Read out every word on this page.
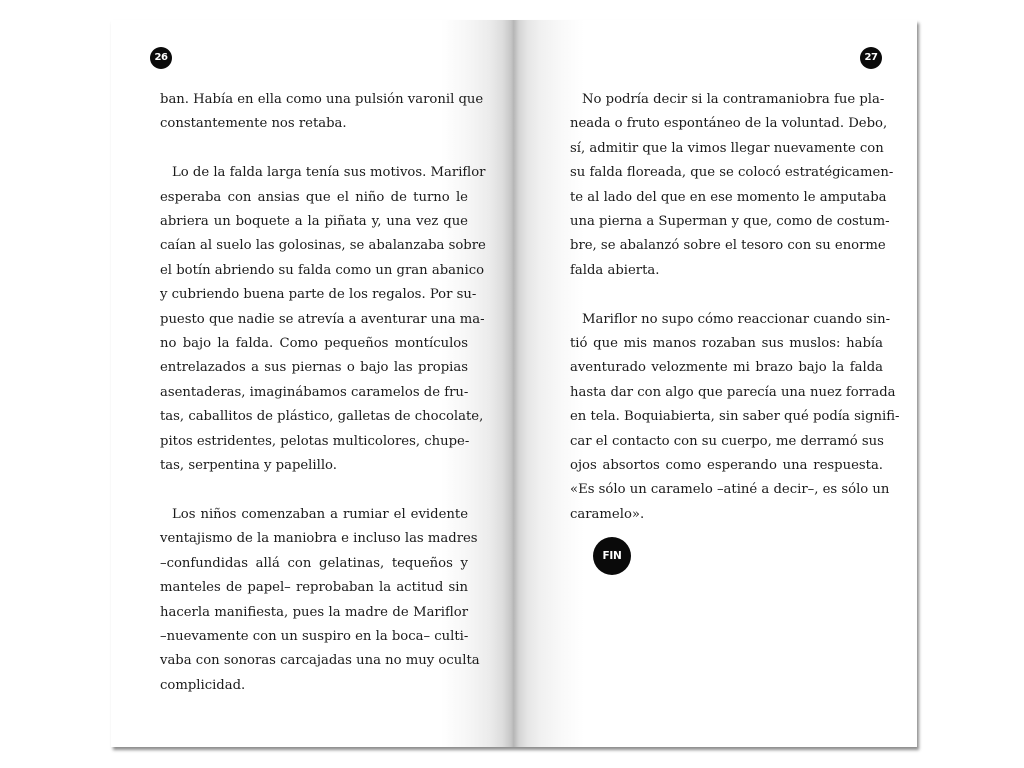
26

ban. Había en ella como una pulsión varonil que
constantemente nos retaba.

Lo de la falda larga tenía sus motivos. Mariflor
esperaba con ansias que el niño de turno le
abriera un boquete a la piñata y, una vez que
caían al suelo las golosinas, se abalanzaba sobre
el botín abriendo su falda como un gran abanico
y cubriendo buena parte de los regalos. Por su-
puesto que nadie se atrevía a aventurar una ma-
no bajo la falda. Como pequeños montículos
entrelazados a sus piernas o bajo las propias
asentaderas, imaginábamos caramelos de fru-
tas, caballitos de plástico, galletas de chocolate,
pitos estridentes, pelotas multicolores, chupe-
tas, serpentina y papelillo.

Los niños comenzaban a rumiar el evidente
ventajismo de la maniobra e incluso las madres
–confundidas allá con gelatinas, tequeños y
manteles de papel– reprobaban la actitud sin
hacerla manifiesta, pues la madre de Mariflor
–nuevamente con un suspiro en la boca– culti-
vaba con sonoras carcajadas una no muy oculta
complicidad.

27

No podría decir si la contramaniobra fue pla-
neada o fruto espontáneo de la voluntad. Debo,
sí, admitir que la vimos llegar nuevamente con
su falda floreada, que se colocó estratégicamen-
te al lado del que en ese momento le amputaba
una pierna a Superman y que, como de costum-
bre, se abalanzó sobre el tesoro con su enorme
falda abierta.

Mariflor no supo cómo reaccionar cuando sin-
tió que mis manos rozaban sus muslos: había
aventurado velozmente mi brazo bajo la falda
hasta dar con algo que parecía una nuez forrada
en tela. Boquiabierta, sin saber qué podía signifi-
car el contacto con su cuerpo, me derramó sus
ojos absortos como esperando una respuesta.
«Es sólo un caramelo –atiné a decir–, es sólo un
caramelo».

FIN
